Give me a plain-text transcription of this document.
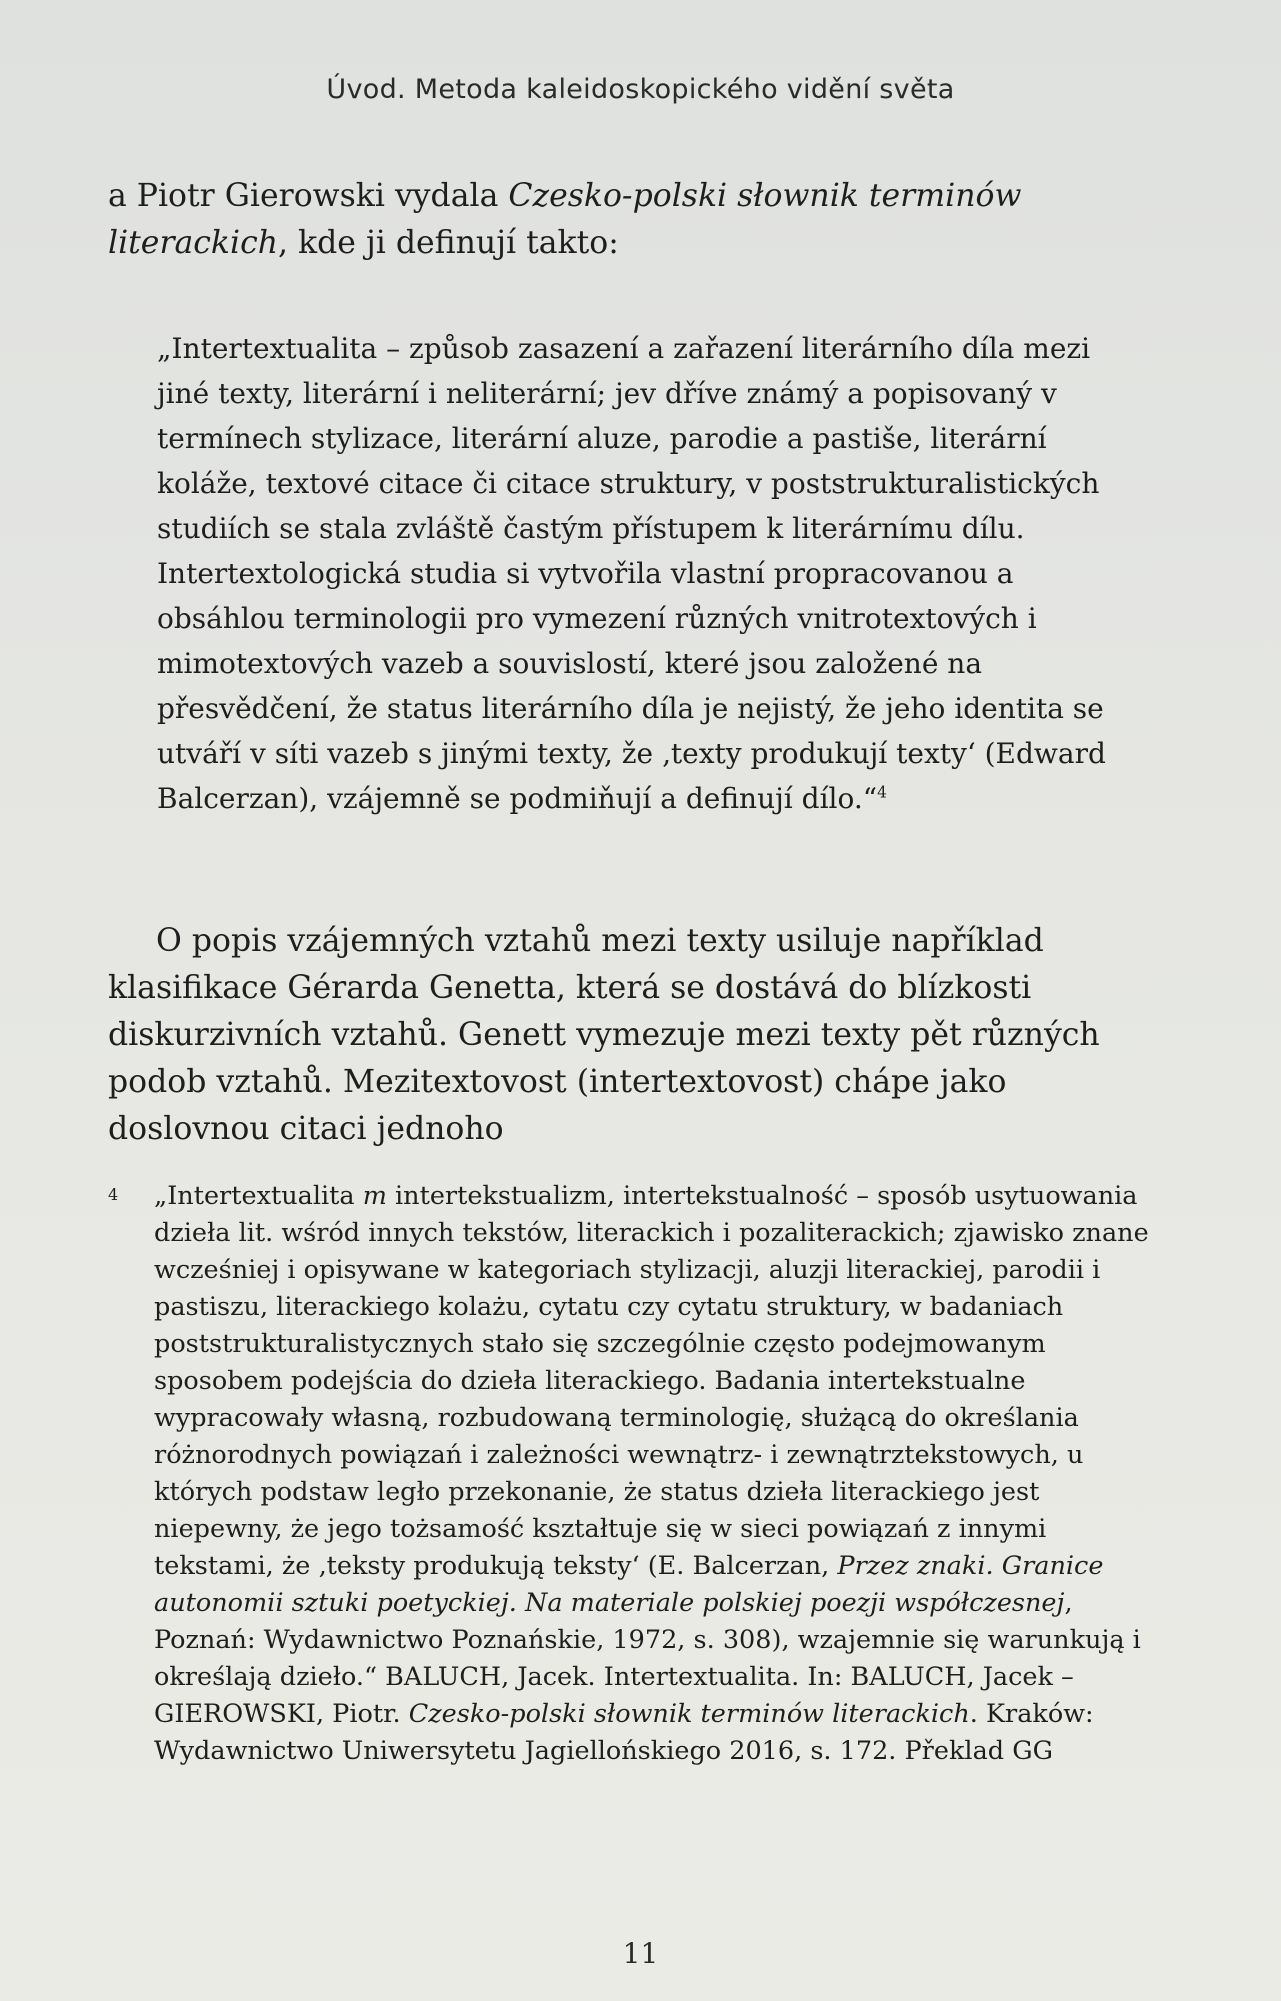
Úvod. Metoda kaleidoskopického vidění světa

a Piotr Gierowski vydala Czesko-polski słownik terminów literackich, kde ji definují takto:

„Intertextualita – způsob zasazení a zařazení literárního díla mezi jiné texty, literární i neliterární; jev dříve známý a popisovaný v termínech stylizace, literární aluze, parodie a pastiše, literární koláže, textové citace či citace struktury, v poststrukturalistických studiích se stala zvláště častým přístupem k literárnímu dílu. Intertextologická studia si vytvořila vlastní propracovanou a obsáhlou terminologii pro vymezení různých vnitrotextových i mimotextových vazeb a souvislostí, které jsou založené na přesvědčení, že status literárního díla je nejistý, že jeho identita se utváří v síti vazeb s jinými texty, že ‚texty produkují texty‘ (Edward Balcerzan), vzájemně se podmiňují a definují dílo.“$^4$

O popis vzájemných vztahů mezi texty usiluje například klasifikace Gérarda Genetta, která se dostává do blízkosti diskurzivních vztahů. Genett vymezuje mezi texty pět různých podob vztahů. Mezitextovost (intertextovost) chápe jako doslovnou citaci jednoho

4 „Intertextualita m intertekstualizm, intertekstualność – sposób usytuowania dzieła lit. wśród innych tekstów, literackich i pozaliterackich; zjawisko znane wcześniej i opisywane w kategoriach stylizacji, aluzji literackiej, parodii i pastiszu, literackiego kolażu, cytatu czy cytatu struktury, w badaniach poststrukturalistycznych stało się szczególnie często podejmowanym sposobem podejścia do dzieła literackiego. Badania intertekstualne wypracowały własną, rozbudowaną terminologię, służącą do określania różnorodnych powiązań i zależności wewnątrz- i zewnątrztekstowych, u których podstaw legło przekonanie, że status dzieła literackiego jest niepewny, że jego tożsamość kształtuje się w sieci powiązań z innymi tekstami, że ‚teksty produkują teksty‘ (E. Balcerzan, Przez znaki. Granice autonomii sztuki poetyckiej. Na materiale polskiej poezji współczesnej, Poznań: Wydawnictwo Poznańskie, 1972, s. 308), wzajemnie się warunkują i określają dzieło.“ BALUCH, Jacek. Intertextualita. In: BALUCH, Jacek – GIEROWSKI, Piotr. Czesko-polski słownik terminów literackich. Kraków: Wydawnictwo Uniwersytetu Jagiellońskiego 2016, s. 172. Překlad GG

11
